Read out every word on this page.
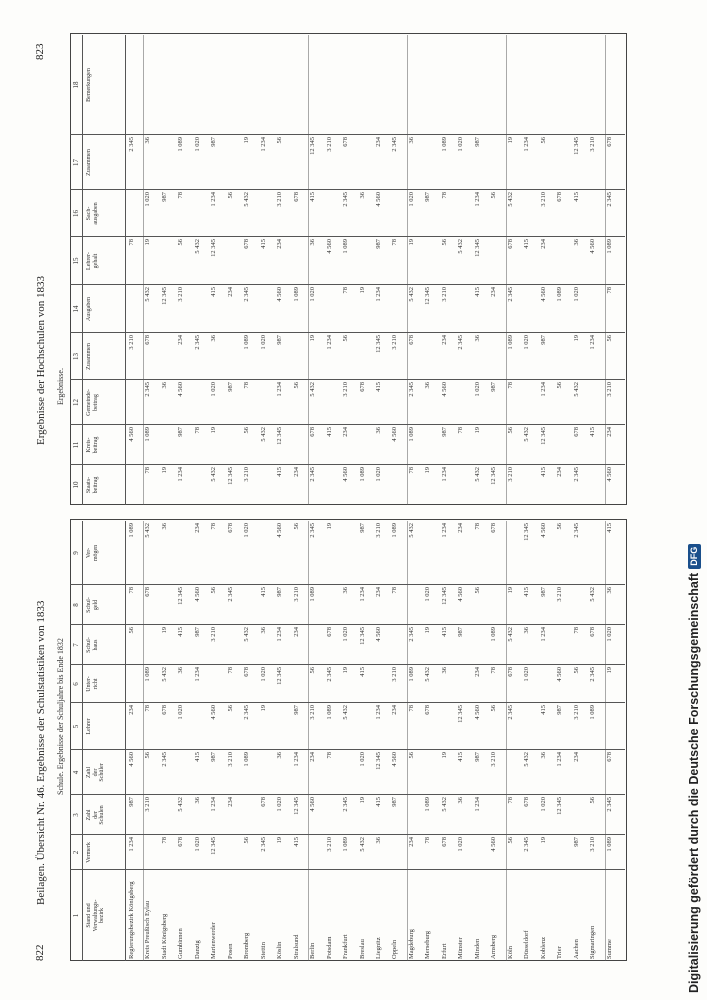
822
823
Beilagen. Übersicht Nr. 46. Ergebnisse der Schulstatistiken von 1833
Ergebnisse der Hochschulen von 1833
Schule. Ergebnisse der Schuljahre bis Ende 1832
Ergebnisse.
1 Stand und
Verwaltungs-
bezirk
2 Vermerk
3 Zahl
der
Schulen
4 Zahl
der
Schüler
5 Lehrer
6 Unter-
richt
7 Schul-
haus
8 Schul-
geld
9 Ver-
mögen
10 Staats-
beitrag
11 Kreis-
beitrag
12 Gemeinde-
beitrag
13 Zusammen
14 Ausgaben
15 Lehrer-
gehalt
16 Sach-
ausgaben
17 Zusammen
18 Bemerkungen
Regierungsbezirk Königsberg
1 234
987
4 560
234
56
78
1 089
4 560
3 210
78
2 345
Kreis Preußisch Eylau
3 210
56
78
1 089
678
5 432
78
1 089
2 345
678
5 432
19
1 020
36
Stadt Königsberg
78
2 345
678
5 432
19
36
19
36
12 345
987
Gumbinnen
678
5 432
1 020
36
415
12 345
1 234
987
4 560
234
3 210
56
78
1 089
Danzig
1 020
36
415
1 234
987
4 560
234
78
2 345
5 432
1 020
Marienwerder
12 345
1 234
987
4 560
3 210
56
78
5 432
19
1 020
36
415
12 345
1 234
987
Posen
234
3 210
56
78
2 345
678
12 345
987
234
56
Bromberg
56
1 089
2 345
678
5 432
1 020
3 210
56
78
1 089
2 345
678
5 432
19
Stettin
2 345
678
19
1 020
36
415
5 432
1 020
415
1 234
Köslin
19
1 020
36
12 345
1 234
987
4 560
415
12 345
1 234
987
4 560
234
3 210
56
Stralsund
415
12 345
1 234
987
234
3 210
56
234
56
1 089
678
Berlin
4 560
234
3 210
56
1 089
2 345
2 345
678
5 432
19
1 020
36
415
12 345
Potsdam
3 210
78
1 089
2 345
678
19
415
1 234
4 560
3 210
Frankfurt
1 089
2 345
5 432
19
1 020
36
4 560
234
3 210
56
78
1 089
2 345
678
Breslau
5 432
19
1 020
415
12 345
1 234
987
1 089
678
19
36
Liegnitz
36
415
12 345
1 234
4 560
234
3 210
1 020
36
415
12 345
1 234
987
4 560
234
Oppeln
987
4 560
234
3 210
78
1 089
4 560
3 210
78
2 345
Magdeburg
234
56
78
1 089
2 345
5 432
78
1 089
2 345
678
5 432
19
1 020
36
Merseburg
78
1 089
678
5 432
19
1 020
19
36
12 345
987
Erfurt
678
5 432
19
36
415
12 345
1 234
1 234
987
4 560
234
3 210
56
78
1 089
Münster
1 020
36
415
12 345
987
4 560
234
78
2 345
5 432
1 020
Minden
1 234
987
4 560
234
56
78
5 432
19
1 020
36
415
12 345
1 234
987
Arnsberg
4 560
3 210
56
78
1 089
678
12 345
987
234
56
Köln
56
78
2 345
678
5 432
19
3 210
56
78
1 089
2 345
678
5 432
19
Düsseldorf
2 345
678
5 432
1 020
36
415
12 345
5 432
1 020
415
1 234
Koblenz
19
1 020
36
415
1 234
987
4 560
415
12 345
1 234
987
4 560
234
3 210
56
Trier
12 345
1 234
987
4 560
3 210
56
234
56
1 089
678
Aachen
987
234
3 210
56
78
2 345
2 345
678
5 432
19
1 020
36
415
12 345
Sigmaringen
3 210
56
1 089
2 345
678
5 432
415
1 234
4 560
3 210
Summe
1 089
2 345
678
19
1 020
36
415
4 560
234
3 210
56
78
1 089
2 345
678
Digitalisierung gefördert durch die Deutsche ForschungsgemeinschaftDFG
